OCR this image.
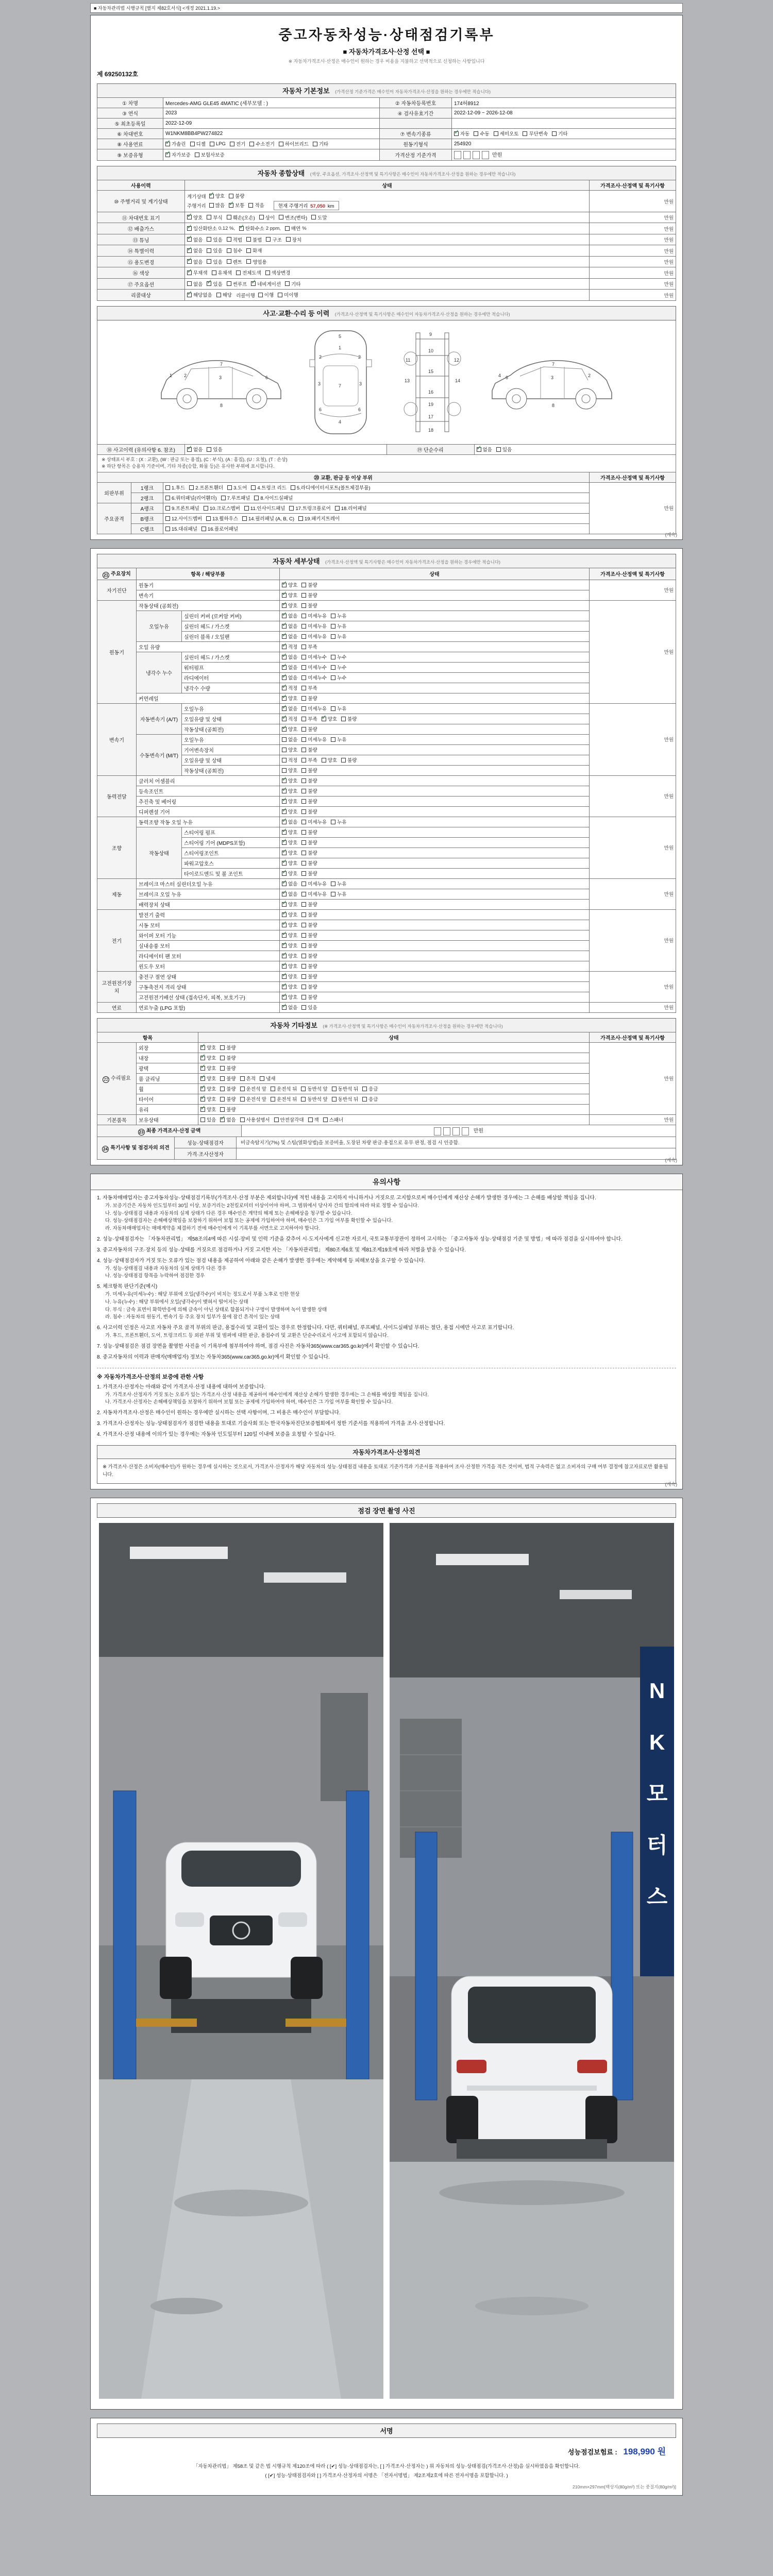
■ 자동차관리법 시행규칙 [별지 제82호서식] <개정 2021.1.19.>
중고자동차성능·상태점검기록부
■ 자동차가격조사·산정 선택 ■
※ 자동차가격조사·산정은 매수인이 원하는 경우 비용을 지불하고 선택적으로 신청하는 사항입니다
제 69250132호
자동차 기본정보 (가격산정 기준가격은 매수인이 자동차가격조사·산정을 원하는 경우에만 적습니다)
① 차명	Mercedes-AMG GLE45 4MATIC (세부모델 : )	② 자동차등록번호	174허8912
③ 연식	2023	④ 검사유효기간	2022-12-09 ~ 2026-12-08
⑤ 최초등록일	2022-12-09		
⑥ 차대번호	W1NKM8BB4PW274822	⑦ 변속기종류	✓ 자동 수동 세미오토 무단변속 기타

⑧ 사용연료	✓ 가솔린 디젤 LPG 전기 수소전기 하이브리드 기타	원동기형식	254920
⑨ 보증유형	✓ 자가보증 보험사보증	가격산정 기준가격	만원
자동차 종합상태 (색상, 주요옵션, 가격조사·산정액 및 특기사항은 매수인이 자동차가격조사·산정을 원하는 경우에만 적습니다)
사용이력	상태	가격조사·산정액 및 특기사항
⑩ 주행거리 및 계기상태	
계기상태 ✓ 양호 불량
주행거리 많음 ✓ 보통 적음	현재 주행거리 57,050 km
	만원
⑪ 차대번호 표기	✓ 양호 부식 훼손(오손) 상이 변조(변타) 도말	만원
⑫ 배출가스	✓ 일산화탄소 0.12 %, ✓ 탄화수소 2 ppm, 매연 %	만원
⑬ 튜닝	✓ 없음 있음 적법 불법 구조 장치	만원
⑭ 특별이력	✓ 없음 있음 침수 화재	만원
⑮ 용도변경	✓ 없음 있음 렌트 영업용	만원
⑯ 색상	✓ 무채색 유채색 전체도색 색상변경	만원
⑰ 주요옵션	없음 ✓ 있음 썬루프 ✓ 네비게이션 기타	만원
리콜대상	✓ 해당없음 해당 리콜이행 이행 미이행	만원
사고·교환·수리 등 이력 (가격조사·산정액 및 특기사항은 매수인이 자동차가격조사·산정을 원하는 경우에만 적습니다)
1	2	3	6
7
8
5
1
2	2
3	3
7
6	6
4
9
10
11	12
15
13	14
16
19
17
18
4 6	3	2
7
8
⑱ 사고이력 (유의사항 6. 참조)	✓ 없음 있음	⑲ 단순수리	✓ 없음 있음
※ 상태표시 부호 : (X : 교환), (W : 판금 또는 용접), (C : 부식), (A : 흠집), (U : 요철), (T : 손상)
※ 하단 항목은 승용차 기준이며, 기타 차종(승합, 화물 등)은 유사한 부위에 표시합니다.
⑳ 교환, 판금 등 이상 부위			가격조사·산정액 및 특기사항
외판부위	1랭크	1.후드 2.프론트휀더 3.도어 4.트렁크 리드 5.라디에이터서포트(볼트체결부품)	만원
	2랭크	6.쿼터패널(리어휀더) 7.루프패널 8.사이드실패널	

주요골격	A랭크	9.프론트패널 10.크로스멤버 11.인사이드패널 17.트렁크플로어 18.리어패널	

	B랭크	12.사이드멤버 13.휠하우스 14.필러패널 (A, B, C) 19.패키지트레이	

	C랭크	15.대쉬패널 16.플로어패널	
(계속)
자동차 세부상태 (가격조사·산정액 및 특기사항은 매수인이 자동차가격조사·산정을 원하는 경우에만 적습니다)
21 주요장치	항목 / 해당부품		상태	가격조사·산정액 및 특기사항
자기진단	원동기		✓ 양호 불량	만원
	변속기		✓ 양호 불량	

원동기	작동상태 (공회전)		✓ 양호 불량	만원
	오일누유	실린더 커버 (로커암 커버)	✓ 없음 미세누유 누유	

		실린더 헤드 / 가스켓	✓ 없음 미세누유 누유	

		실린더 블록 / 오일팬	✓ 없음 미세누유 누유	

	오일 유량		✓ 적정 부족	

	냉각수 누수	실린더 헤드 / 가스켓	✓ 없음 미세누수 누수	

		워터펌프	✓ 없음 미세누수 누수	

		라디에이터	✓ 없음 미세누수 누수	

		냉각수 수량	✓ 적정 부족	

	커먼레일		✓ 양호 불량	

변속기	자동변속기 (A/T)	오일누유	✓ 없음 미세누유 누유	만원
오일유량 및 상태	✓ 적정 부족 ✓ 양호 불량

		작동상태 (공회전)	✓ 양호 불량	

	수동변속기 (M/T)	오일누유	없음 미세누유 누유	

		기어변속장치	양호 불량	

		오일유량 및 상태	적정 부족 양호 불량	

		작동상태 (공회전)	양호 불량	

동력전달	클러치 어셈블리		✓ 양호 불량	만원
	등속조인트		✓ 양호 불량	

	추진축 및 베어링		✓ 양호 불량	

	디퍼렌셜 기어		✓ 양호 불량	

조향	동력조향 작동 오일 누유		✓ 없음 미세누유 누유	만원
	작동상태	스티어링 펌프	✓ 양호 불량	

		스티어링 기어 (MDPS포함)	✓ 양호 불량	

		스티어링조인트	✓ 양호 불량	

		파워고압호스	✓ 양호 불량	

		타이로드엔드 및 볼 조인트	✓ 양호 불량	

제동	브레이크 마스터 실린더오일 누유		✓ 없음 미세누유 누유	만원
	브레이크 오일 누유		✓ 없음 미세누유 누유	

	배력장치 상태		✓ 양호 불량	

전기	발전기 출력		✓ 양호 불량	만원
	시동 모터		✓ 양호 불량	

	와이퍼 모터 기능		✓ 양호 불량	

	실내송풍 모터		✓ 양호 불량	

	라디에이터 팬 모터		✓ 양호 불량	

	윈도우 모터		✓ 양호 불량	

고전원전기장치	충전구 절연 상태		✓ 양호 불량	만원
	구동축전지 격리 상태		✓ 양호 불량	

	고전원전기배선 상태 (접속단자, 피복, 보호기구)		✓ 양호 불량	

연료	연료누출 (LPG 포함)		✓ 없음 있음	만원
자동차 기타정보 (※ 가격조사·산정액 및 특기사항은 매수인이 자동차가격조사·산정을 원하는 경우에만 적습니다)
항목		상태	가격조사·산정액 및 특기사항
22 수리필요	외장	✓ 양호 불량	만원
	내장	✓ 양호 불량	

	광택	✓ 양호 불량	

	룸 클리닝	✓ 양호 불량 흔적 냄새	

휠	✓ 양호 불량 운전석 앞 운전석 뒤 동반석 앞 동반석 뒤 응급

타이어	✓ 양호 불량 운전석 앞 운전석 뒤 동반석 앞 동반석 뒤 응급

	유리	✓ 양호 불량	

기본품목	보유상태	있음 ✓ 없음 사용설명서 안전삼각대 잭 스패너	만원
23 최종 가격조사·산정 금액	만원
24 특기사항 및 점검자의 의견	성능·상태점검자	비금속탐지기(7%) 및 스팀(열화상법)을 보증비율, 도장된 차량 판금·용접으로 유무 판정, 점검 시 인증함.
	가격·조사산정자	
(계속)
유의사항
1. 자동차매매업자는 중고자동차성능·상태점검기록부(가격조사·산정 부분은 제외합니다)에 적힌 내용을 고지하지 아니하거나 거짓으로 고지함으로써 매수인에게 재산상 손해가 발생한 경우에는 그 손해를 배상할 책임을 집니다.
가. 보증기간은 자동차 인도일부터 30일 이상, 보증거리는 2천킬로미터 이상이어야 하며, 그 범위에서 당사자 간의 합의에 따라 따로 정할 수 있습니다.
나. 성능·상태점검 내용과 자동차의 실제 상태가 다른 경우 매수인은 계약의 해제 또는 손해배상을 청구할 수 있습니다.
다. 성능·상태점검자는 손해배상책임을 보장하기 위하여 보험 또는 공제에 가입하여야 하며, 매수인은 그 가입 여부를 확인할 수 있습니다.
라. 자동차매매업자는 매매계약을 체결하기 전에 매수인에게 이 기록부를 서면으로 고지하여야 합니다.
2. 성능·상태점검자는 「자동차관리법」 제58조의4에 따른 시설·장비 및 인력 기준을 갖추어 시·도지사에게 신고한 자로서, 국토교통부장관이 정하여 고시하는 「중고자동차 성능·상태점검 기준 및 방법」에 따라 점검을 실시하여야 합니다.
3. 중고자동차의 구조·장치 등의 성능·상태를 거짓으로 점검하거나 거짓 고지한 자는 「자동차관리법」 제80조제6호 및 제81조제19호에 따라 처벌을 받을 수 있습니다.
4. 성능·상태점검자가 거짓 또는 오류가 있는 점검 내용을 제공하여 아래와 같은 손해가 발생한 경우에는 계약해제 등 피해보상을 요구할 수 있습니다.
가. 성능·상태점검 내용과 자동차의 실제 상태가 다른 경우
나. 성능·상태점검 항목을 누락하여 점검한 경우
5. 체크항목 판단기준(예시)
가. 미세누유(미세누수) : 해당 부위에 오일(냉각수)이 비치는 정도로서 부품 노후로 인한 현상
나. 누유(누수) : 해당 부위에서 오일(냉각수)이 맺혀서 떨어지는 상태
다. 부식 : 금속 표면이 화학반응에 의해 금속이 아닌 상태로 함몰되거나 구멍이 발생하며 녹이 발생한 상태
라. 침수 : 자동차의 원동기, 변속기 등 주요 장치 일부가 물에 잠긴 흔적이 있는 상태
6. 사고이력 인정은 사고로 자동차 주요 골격 부위의 판금, 용접수리 및 교환이 있는 경우로 한정합니다. 다만, 쿼터패널, 루프패널, 사이드실패널 부위는 절단, 용접 시에만 사고로 표기합니다.
가. 후드, 프론트휀더, 도어, 트렁크리드 등 외판 부위 및 범퍼에 대한 판금, 용접수리 및 교환은 단순수리로서 사고에 포함되지 않습니다.
7. 성능·상태점검은 점검 장면을 촬영한 사진을 이 기록부에 첨부하여야 하며, 점검 사진은 자동차365(www.car365.go.kr)에서 확인할 수 있습니다.
8. 중고자동차의 이력과 판매자(매매업자) 정보는 자동차365(www.car365.go.kr)에서 확인할 수 있습니다.
※ 자동차가격조사·산정의 보증에 관한 사항
1. 가격조사·산정자는 아래와 같이 가격조사·산정 내용에 대하여 보증합니다.
가. 가격조사·산정자가 거짓 또는 오류가 있는 가격조사·산정 내용을 제공하여 매수인에게 재산상 손해가 발생한 경우에는 그 손해를 배상할 책임을 집니다.
나. 가격조사·산정자는 손해배상책임을 보장하기 위하여 보험 또는 공제에 가입하여야 하며, 매수인은 그 가입 여부를 확인할 수 있습니다.
2. 자동차가격조사·산정은 매수인이 원하는 경우에만 실시하는 선택 사항이며, 그 비용은 매수인이 부담합니다.
3. 가격조사·산정자는 성능·상태점검자가 점검한 내용을 토대로 기술사회 또는 한국자동차진단보증협회에서 정한 기준서를 적용하여 가격을 조사·산정합니다.
4. 가격조사·산정 내용에 이의가 있는 경우에는 자동차 인도일부터 120일 이내에 보증을 요청할 수 있습니다.
자동차가격조사·산정의견
※ 가격조사·산정은 소비자(매수인)가 원하는 경우에 실시하는 것으로서, 가격조사·산정자가 해당 자동차의 성능·상태점검 내용을 토대로 기준가격과 기준서를 적용하여 조사·산정한 가격을 적은 것이며, 법적 구속력은 없고 소비자의 구매 여부 결정에 참고자료로만 활용됩니다.
(계속)
점검 장면 촬영 사진
N
K
모
터
스
서명
성능점검보험료 : 198,990 원
「자동차관리법」 제58조 및 같은 법 시행규칙 제120조에 따라 ( [✔] 성능·상태점검자는, [ ] 가격조사·산정자는 ) 위 자동차의 성능·상태점검(가격조사·산정)을 실시하였음을 확인합니다.
( [✔] 성능·상태점검자와 [ ] 가격조사·산정자의 서명은 「전자서명법」 제2조제2호에 따른 전자서명을 포함합니다. )
210mm×297mm[백상지(80g/m²) 또는 중질지(80g/m²)]
